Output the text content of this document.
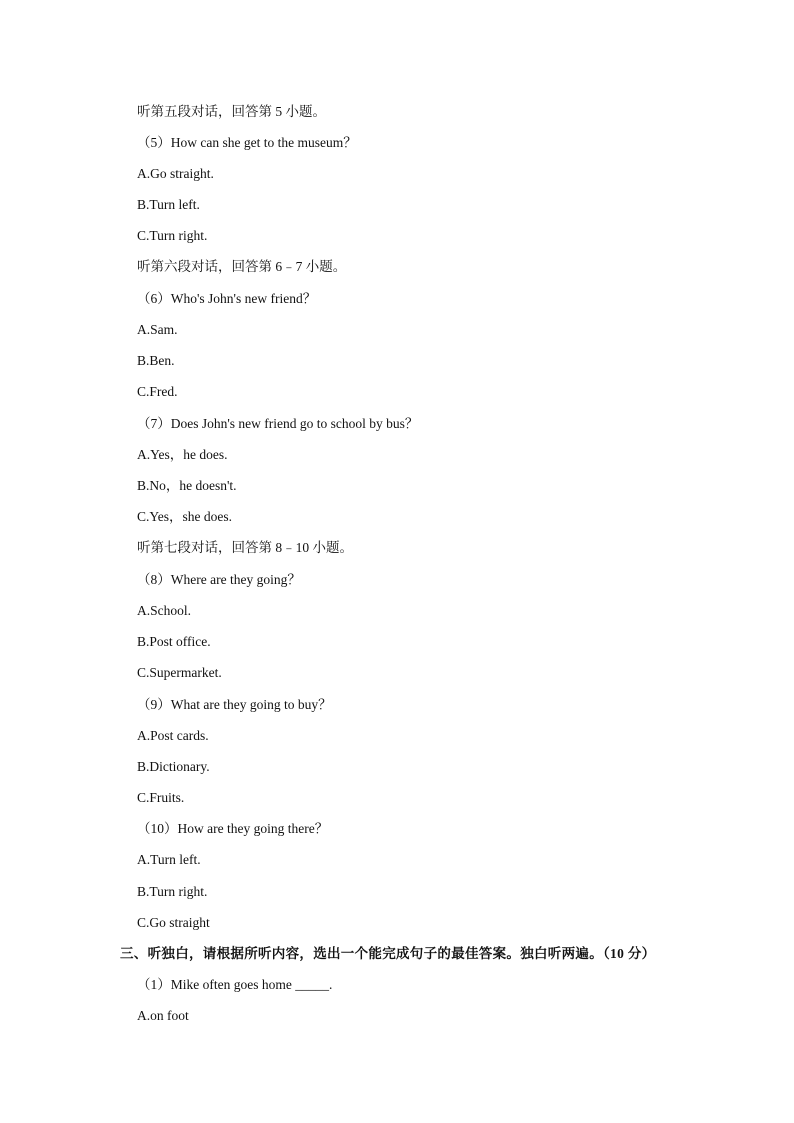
听第五段对话，回答第 5 小题。
（5）How can she get to the museum？
A.Go straight.
B.Turn left.
C.Turn right.
听第六段对话，回答第 6﹣7 小题。
（6）Who's John's new friend？
A.Sam.
B.Ben.
C.Fred.
（7）Does John's new friend go to school by bus？
A.Yes，he does.
B.No，he doesn't.
C.Yes，she does.
听第七段对话，回答第 8﹣10 小题。
（8）Where are they going？
A.School.
B.Post office.
C.Supermarket.
（9）What are they going to buy？
A.Post cards.
B.Dictionary.
C.Fruits.
（10）How are they going there？
A.Turn left.
B.Turn right.
C.Go straight
三、听独白，请根据所听内容，选出一个能完成句子的最佳答案。独白听两遍。（10 分）
（1）Mike often goes home _____.
A.on foot
